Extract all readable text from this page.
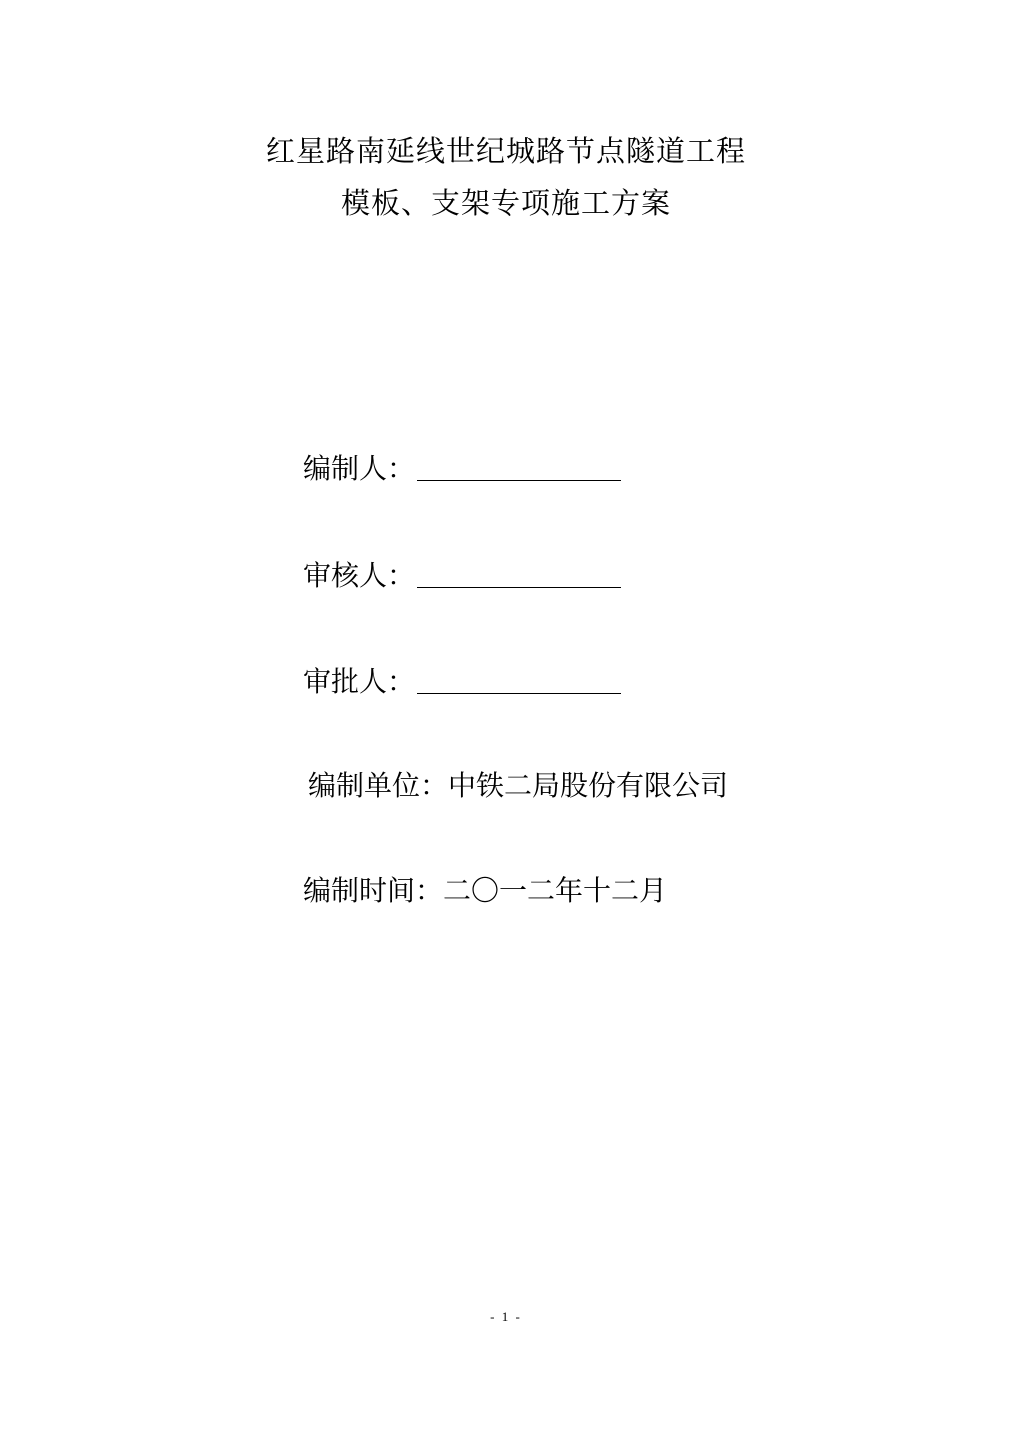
红星路南延线世纪城路节点隧道工程
模板、支架专项施工方案
编制人：
审核人：
审批人：
编制单位：中铁二局股份有限公司
编制时间：二〇一二年十二月
- 1 -
